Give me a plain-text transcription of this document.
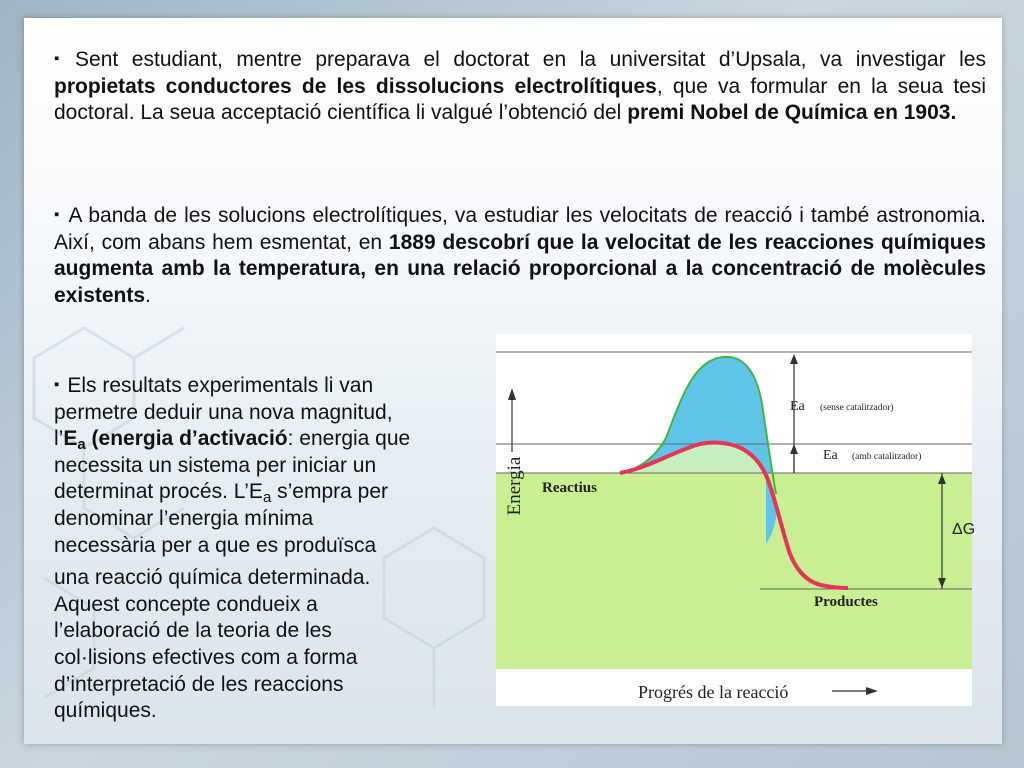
▪ Sent estudiant, mentre preparava el doctorat en la universitat d’Upsala, va investigar les propietats conductores de les dissolucions electrolítiques, que va formular en la seua tesi doctoral. La seua acceptació científica li valgué l’obtenció del premi Nobel de Química en 1903.

▪ A banda de les solucions electrolítiques, va estudiar les velocitats de reacció i també astronomia. Així, com abans hem esmentat, en 1889 descobrí que la velocitat de les reacciones químiques augmenta amb la temperatura, en una relació proporcional a la concentració de molècules existents.

▪ Els resultats experimentals li van
permetre deduir una nova magnitud,
$l’E_a$ (energia d’activació: energia que
necessita un sistema per iniciar un
determinat procés. $L’E_a$ s’empra per
denominar l’energia mínima
necessària per a que es produïsca
una reacció química determinada.
Aquest concepte condueix a
l’elaboració de la teoria de les
col·lisions efectives com a forma
d’interpretació de les reaccions
químiques.
Energia Reactius
Productes
Ea (sense catalitzador)
Ea (amb catalitzador)
ΔG
Progrés de la reacció
